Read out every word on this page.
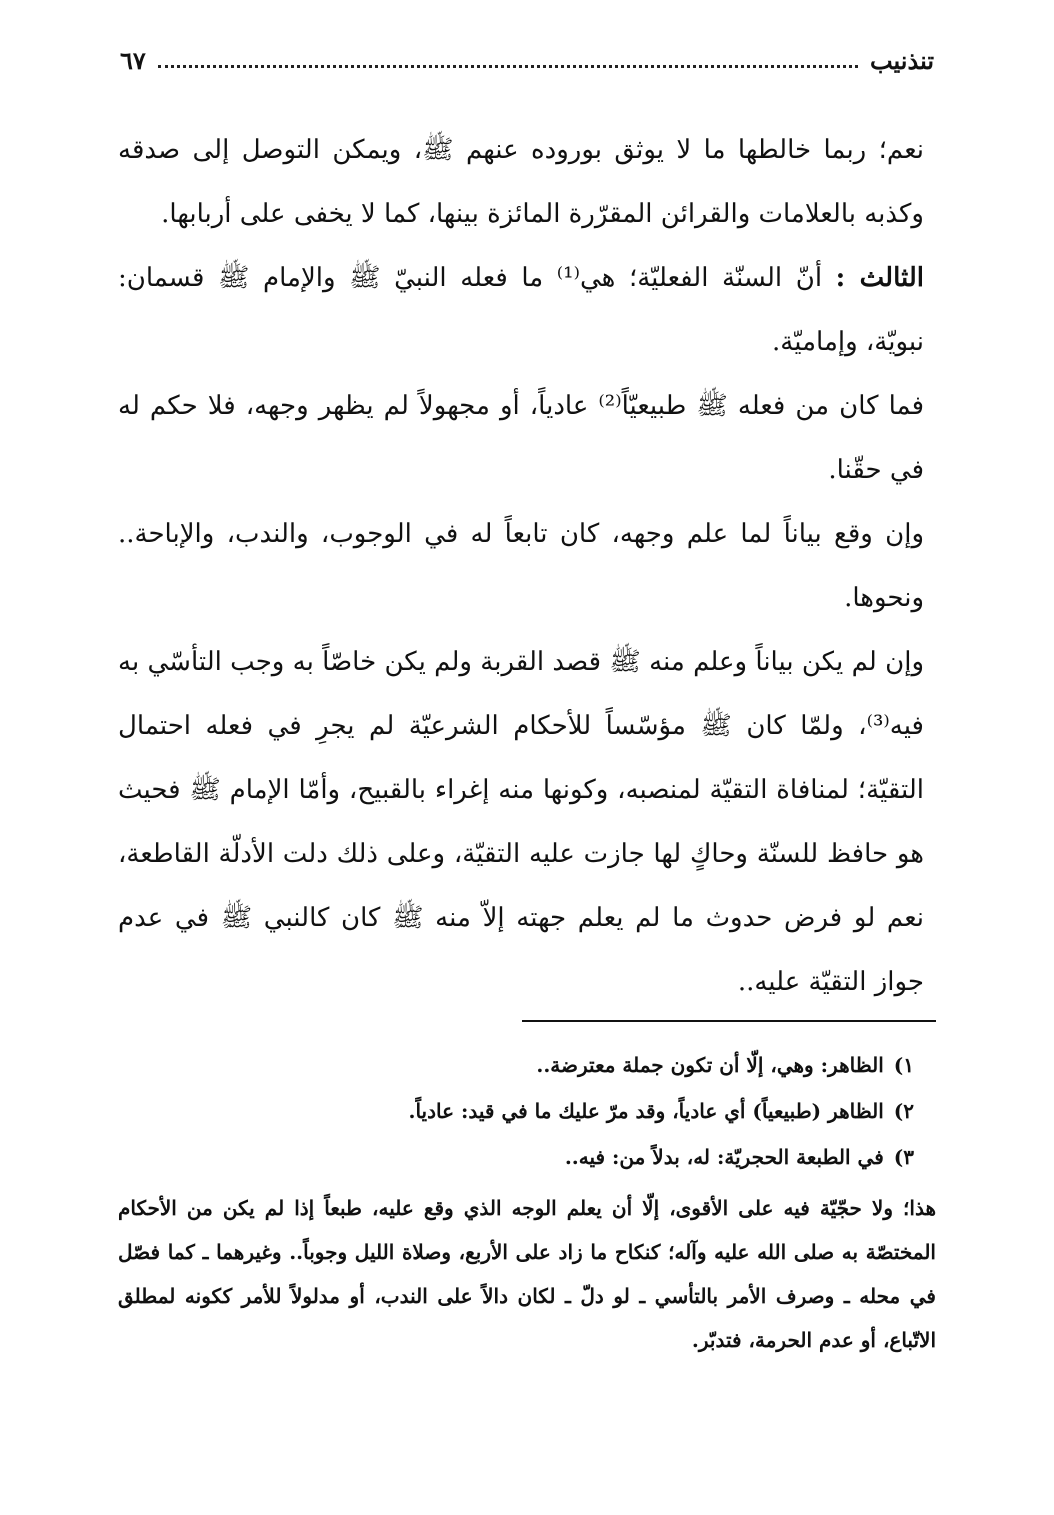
تنذنيب
٦٧

نعم؛ ربما خالطها ما لا يوثق بوروده عنهم ﷺ، ويمكن التوصل إلى صدقه وكذبه بالعلامات والقرائن المقرّرة المائزة بينها، كما لا يخفى على أربابها.

الثالث : أنّ السنّة الفعليّة؛ هي⁽¹⁾ ما فعله النبيّ ﷺ والإمام ﷺ قسمان: نبويّة، وإماميّة.

فما كان من فعله ﷺ طبيعيّاً⁽²⁾ عادياً، أو مجهولاً لم يظهر وجهه، فلا حكم له في حقّنا.

وإن وقع بياناً لما علم وجهه، كان تابعاً له في الوجوب، والندب، والإباحة.. ونحوها.

وإن لم يكن بياناً وعلم منه ﷺ قصد القربة ولم يكن خاصّاً به وجب التأسّي به فيه⁽³⁾، ولمّا كان ﷺ مؤسّساً للأحكام الشرعيّة لم يجرِ في فعله احتمال التقيّة؛ لمنافاة التقيّة لمنصبه، وكونها منه إغراء بالقبيح، وأمّا الإمام ﷺ فحيث هو حافظ للسنّة وحاكٍ لها جازت عليه التقيّة، وعلى ذلك دلت الأدلّة القاطعة، نعم لو فرض حدوث ما لم يعلم جهته إلاّ منه ﷺ كان كالنبي ﷺ في عدم جواز التقيّة عليه..

١)
الظاهر: وهي، إلّا أن تكون جملة معترضة..
٢)
الظاهر (طبيعياً) أي عادياً، وقد مرّ عليك ما في قيد: عادياً.
٣)
في الطبعة الحجريّة: له، بدلاً من: فيه..
هذا؛ ولا حجّيّة فيه على الأقوى، إلّا أن يعلم الوجه الذي وقع عليه، طبعاً إذا لم يكن من الأحكام المختصّة به صلى الله عليه وآله؛ كنكاح ما زاد على الأربع، وصلاة الليل وجوباً.. وغيرهما ـ كما فصّل في محله ـ وصرف الأمر بالتأسي ـ لو دلّ ـ لكان دالاً على الندب، أو مدلولاً للأمر ككونه لمطلق الاتّباع، أو عدم الحرمة، فتدبّر.
